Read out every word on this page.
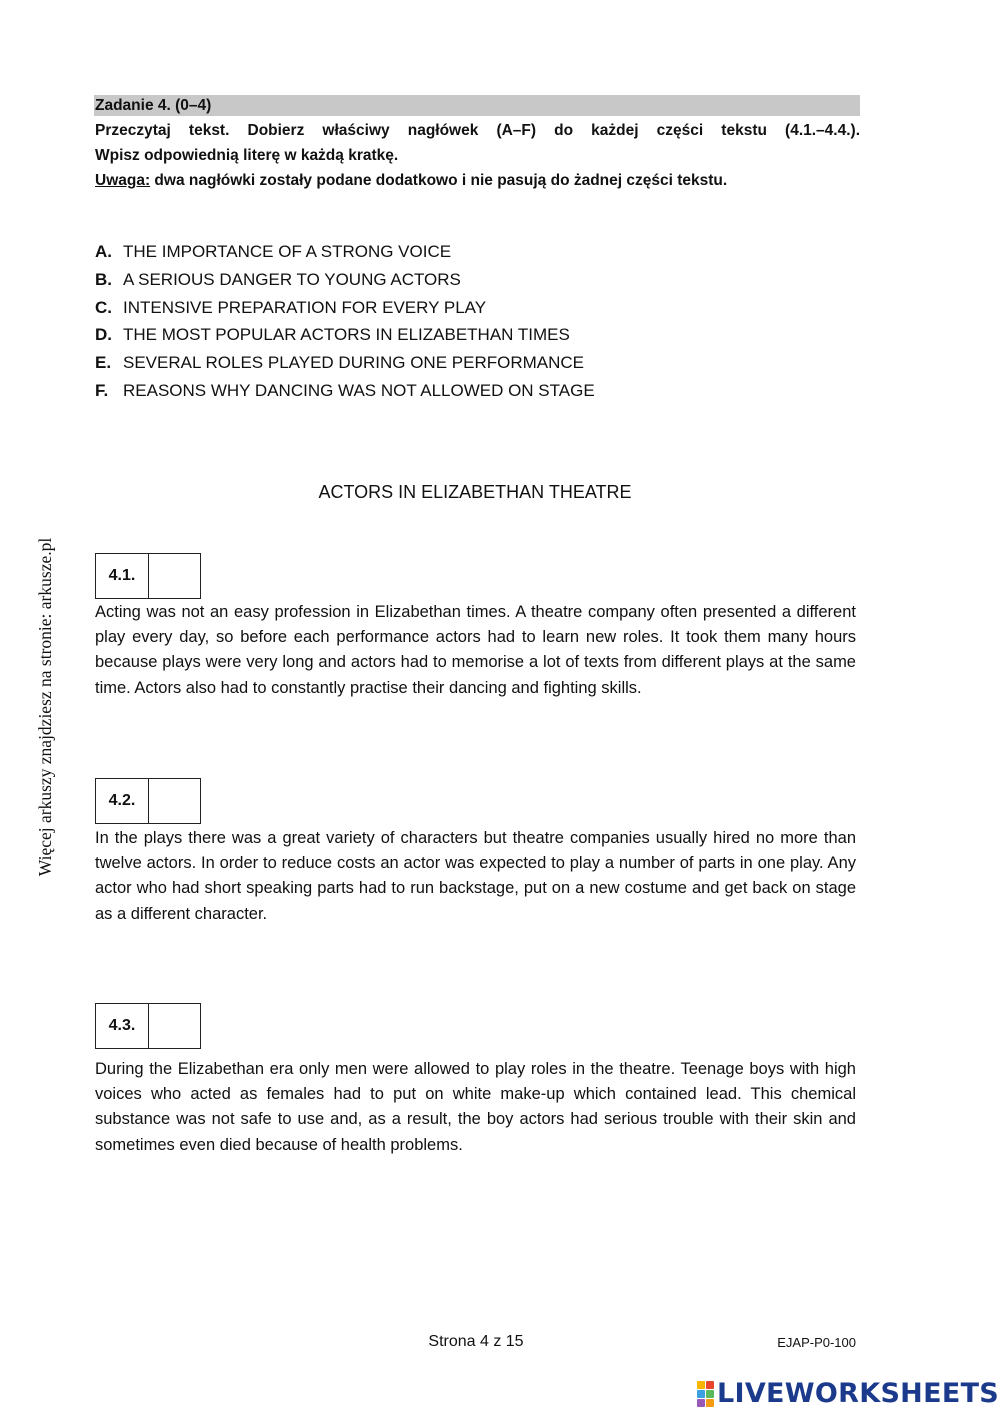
Zadanie 4. (0–4)
Przeczytaj tekst. Dobierz właściwy nagłówek (A–F) do każdej części tekstu (4.1.–4.4.).
Wpisz odpowiednią literę w każdą kratkę.
Uwaga: dwa nagłówki zostały podane dodatkowo i nie pasują do żadnej części tekstu.
A. THE IMPORTANCE OF A STRONG VOICE
B. A SERIOUS DANGER TO YOUNG ACTORS
C. INTENSIVE PREPARATION FOR EVERY PLAY
D. THE MOST POPULAR ACTORS IN ELIZABETHAN TIMES
E. SEVERAL ROLES PLAYED DURING ONE PERFORMANCE
F. REASONS WHY DANCING WAS NOT ALLOWED ON STAGE
ACTORS IN ELIZABETHAN THEATRE
4.1.
Acting was not an easy profession in Elizabethan times. A theatre company often presented a different play every day, so before each performance actors had to learn new roles. It took them many hours because plays were very long and actors had to memorise a lot of texts from different plays at the same time. Actors also had to constantly practise their dancing and fighting skills.
4.2.
In the plays there was a great variety of characters but theatre companies usually hired no more than twelve actors. In order to reduce costs an actor was expected to play a number of parts in one play. Any actor who had short speaking parts had to run backstage, put on a new costume and get back on stage as a different character.
4.3.
During the Elizabethan era only men were allowed to play roles in the theatre. Teenage boys with high voices who acted as females had to put on white make-up which contained lead. This chemical substance was not safe to use and, as a result, the boy actors had serious trouble with their skin and sometimes even died because of health problems.
Więcej arkuszy znajdziesz na stronie: arkusze.pl
Strona 4 z 15	EJAP-P0-100
LIVEWORKSHEETS
